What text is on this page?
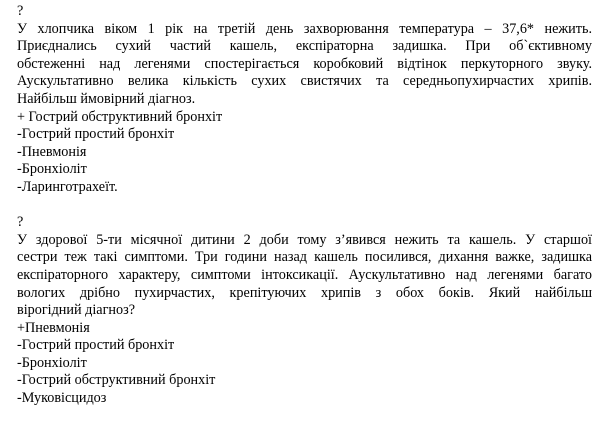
?
У хлопчика віком 1 рік на третій день захворювання температура – 37,6* нежить.
Приєднались сухий частий кашель, експіраторна задишка. При об`єктивному
обстеженні над легенями спостерігається коробковий відтінок перкуторного звуку.
Аускультативно велика кількість сухих свистячих та середньопухирчастих хрипів.
Найбільш ймовірний діагноз.
+ Гострий обструктивний бронхіт
-Гострий простий бронхіт
-Пневмонія
-Бронхіоліт
-Ларинготрахеїт.
?
У здорової 5-ти місячної дитини 2 доби тому з’явився нежить та кашель. У старшої
сестри теж такі симптоми. Три години назад кашель посилився, дихання важке, задишка
експіраторного характеру, симптоми інтоксикації. Аускультативно над легенями багато
вологих дрібно пухирчастих, крепітуючих хрипів з обох боків. Який найбільш
вірогідний діагноз?
+Пневмонія
-Гострий простий бронхіт
-Бронхіоліт
-Гострий обструктивний бронхіт
-Муковісцидоз
